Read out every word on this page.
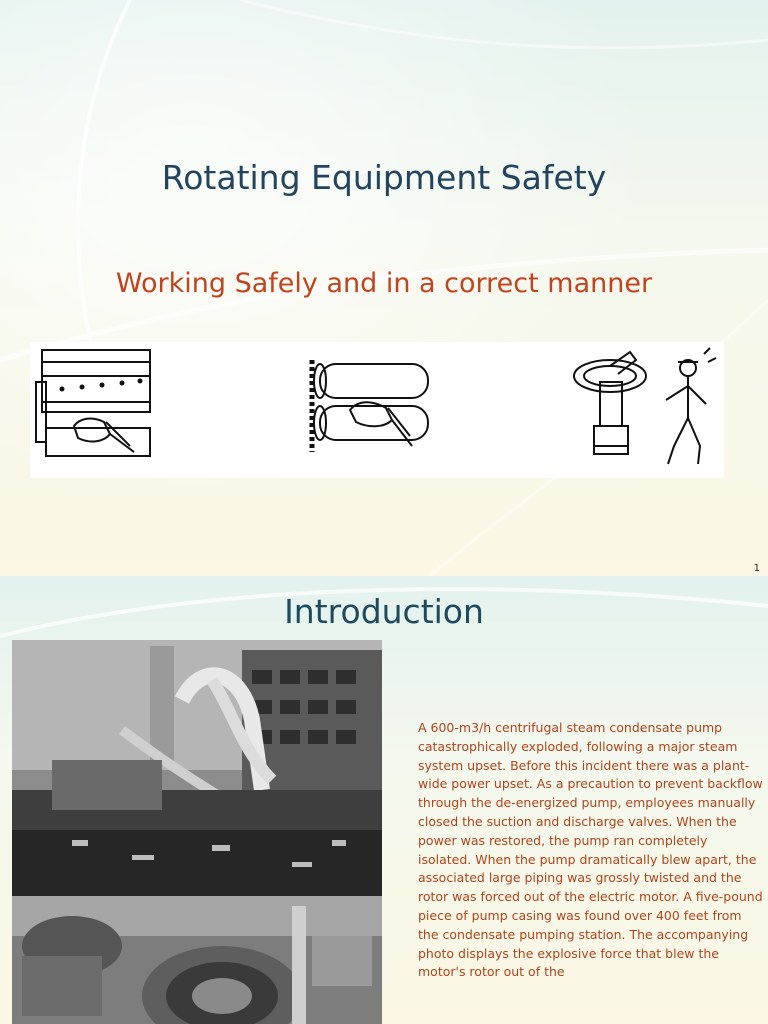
Rotating Equipment Safety
Working Safely and in a correct manner
1
Introduction
A 600-m3/h centrifugal steam condensate pump catastrophically exploded, following a major steam system upset. Before this incident there was a plant-wide power upset. As a precaution to prevent backflow through the de-energized pump, employees manually closed the suction and discharge valves. When the power was restored, the pump ran completely isolated. When the pump dramatically blew apart, the associated large piping was grossly twisted and the rotor was forced out of the electric motor. A five-pound piece of pump casing was found over 400 feet from the condensate pumping station. The accompanying photo displays the explosive force that blew the motor's rotor out of the
